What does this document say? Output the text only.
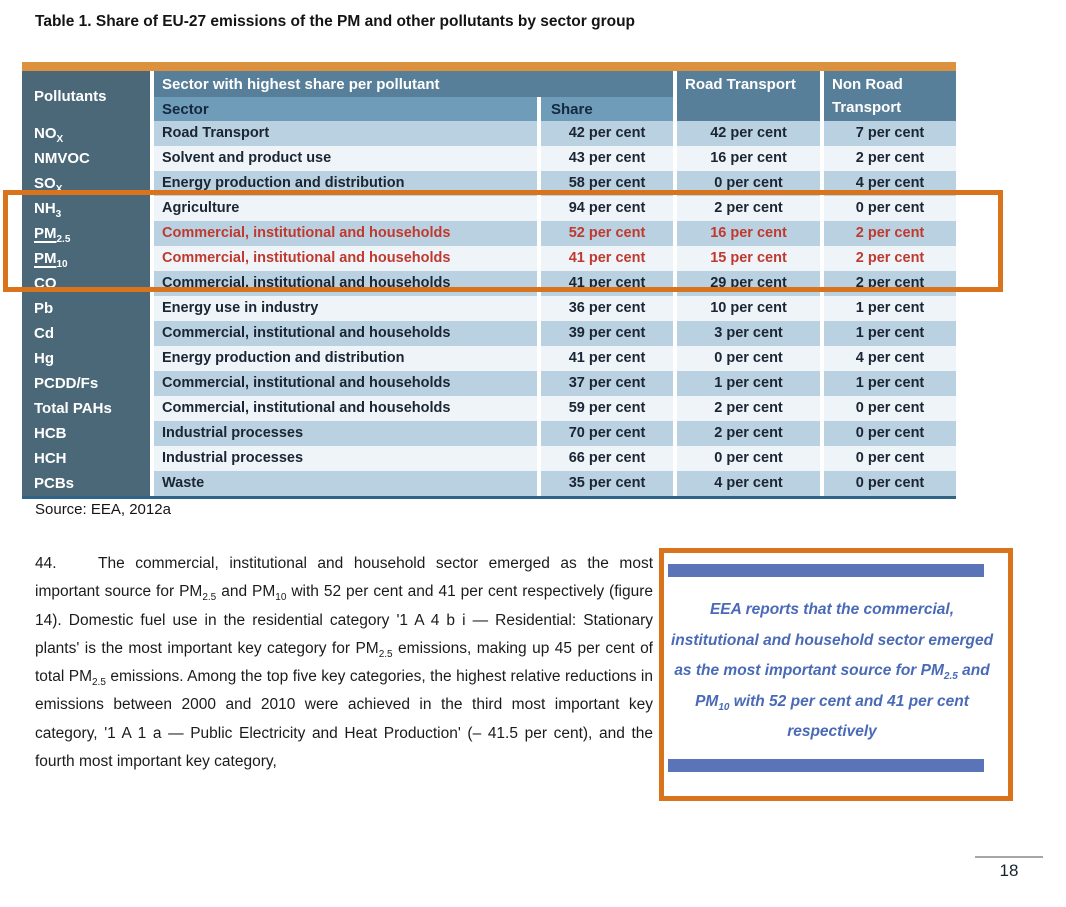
Table 1. Share of EU-27 emissions of the PM and other pollutants by sector group
Pollutants
Sector with highest share per pollutant
Sector	Share
Road Transport	Non Road Transport
$NO_X$	Road Transport	42 per cent	42 per cent	7 per cent
NMVOC	Solvent and product use	43 per cent	16 per cent	2 per cent
$SO_X$	Energy production and distribution	58 per cent	0 per cent	4 per cent
$NH_3$	Agriculture	94 per cent	2 per cent	0 per cent
$PM_{2.5}$	Commercial, institutional and households	52 per cent	16 per cent	2 per cent
$PM_{10}$	Commercial, institutional and households	41 per cent	15 per cent	2 per cent
CO	Commercial, institutional and households	41 per cent	29 per cent	2 per cent
Pb	Energy use in industry	36 per cent	10 per cent	1 per cent
Cd	Commercial, institutional and households	39 per cent	3 per cent	1 per cent
Hg	Energy production and distribution	41 per cent	0 per cent	4 per cent
PCDD/Fs	Commercial, institutional and households	37 per cent	1 per cent	1 per cent
Total PAHs	Commercial, institutional and households	59 per cent	2 per cent	0 per cent
HCB	Industrial processes	70 per cent	2 per cent	0 per cent
HCH	Industrial processes	66 per cent	0 per cent	0 per cent
PCBs	Waste	35 per cent	4 per cent	0 per cent
Source: EEA, 2012a
44.	The commercial, institutional and household sector emerged as the most important source for $PM_{2.5}$ and $PM_{10}$ with 52 per cent and 41 per cent respectively (figure 14). Domestic fuel use in the residential category '1 A 4 b i — Residential: Stationary plants' is the most important key category for $PM_{2.5}$ emissions, making up 45 per cent of total $PM_{2.5}$ emissions. Among the top five key categories, the highest relative reductions in emissions between 2000 and 2010 were achieved in the third most important key category, '1 A 1 a — Public Electricity and Heat Production' (– 41.5 per cent), and the fourth most important key category,
EEA reports that the commercial, institutional and household sector emerged as the most important source for $PM_{2.5}$ and $PM_{10}$ with 52 per cent and 41 per cent respectively
18
